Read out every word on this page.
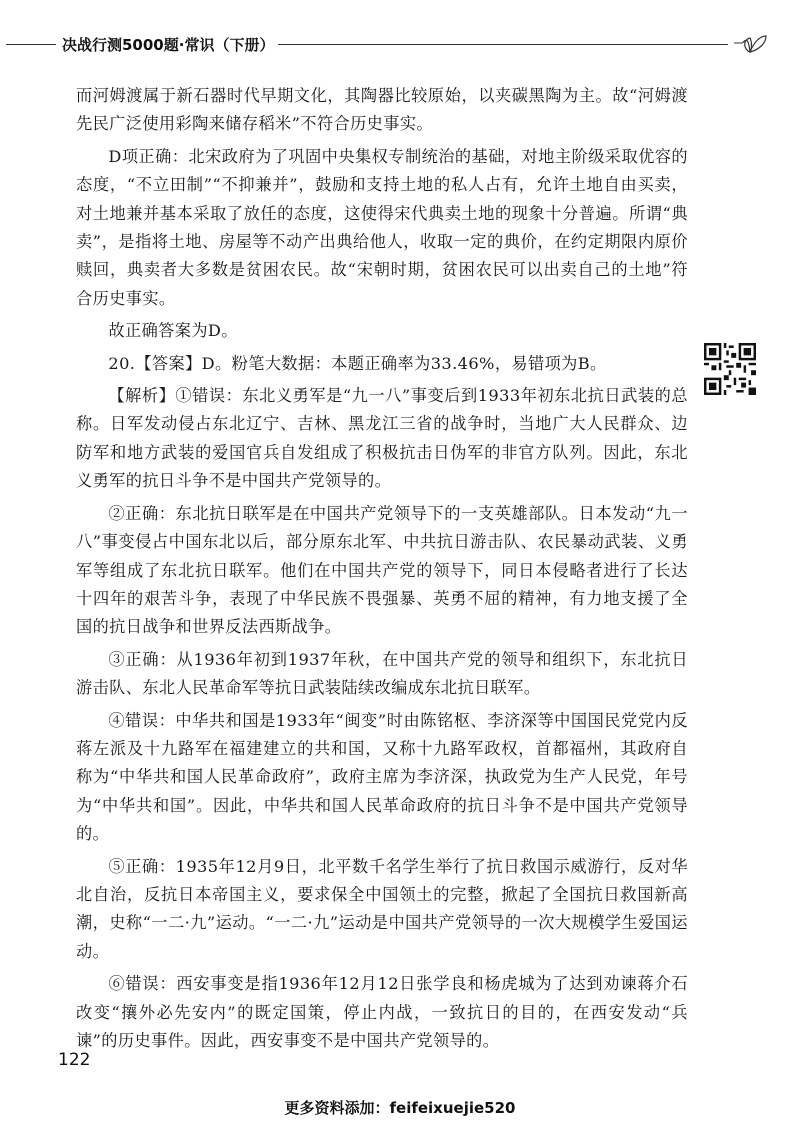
决战行测5000题·常识（下册）

而河姆渡属于新石器时代早期文化，其陶器比较原始，以夹碳黑陶为主。故“河姆渡先民广泛使用彩陶来储存稻米”不符合历史事实。

D项正确：北宋政府为了巩固中央集权专制统治的基础，对地主阶级采取优容的态度，“不立田制”“不抑兼并”，鼓励和支持土地的私人占有，允许土地自由买卖，对土地兼并基本采取了放任的态度，这使得宋代典卖土地的现象十分普遍。所谓“典卖”，是指将土地、房屋等不动产出典给他人，收取一定的典价，在约定期限内原价赎回，典卖者大多数是贫困农民。故“宋朝时期，贫困农民可以出卖自己的土地”符合历史事实。

故正确答案为D。

20.【答案】D。粉笔大数据：本题正确率为33.46%，易错项为B。

【解析】①错误：东北义勇军是“九一八”事变后到1933年初东北抗日武装的总称。日军发动侵占东北辽宁、吉林、黑龙江三省的战争时，当地广大人民群众、边防军和地方武装的爱国官兵自发组成了积极抗击日伪军的非官方队列。因此，东北义勇军的抗日斗争不是中国共产党领导的。

②正确：东北抗日联军是在中国共产党领导下的一支英雄部队。日本发动“九一八”事变侵占中国东北以后，部分原东北军、中共抗日游击队、农民暴动武装、义勇军等组成了东北抗日联军。他们在中国共产党的领导下，同日本侵略者进行了长达十四年的艰苦斗争，表现了中华民族不畏强暴、英勇不屈的精神，有力地支援了全国的抗日战争和世界反法西斯战争。

③正确：从1936年初到1937年秋，在中国共产党的领导和组织下，东北抗日游击队、东北人民革命军等抗日武装陆续改编成东北抗日联军。

④错误：中华共和国是1933年“闽变”时由陈铭枢、李济深等中国国民党党内反蒋左派及十九路军在福建建立的共和国，又称十九路军政权，首都福州，其政府自称为“中华共和国人民革命政府”，政府主席为李济深，执政党为生产人民党，年号为“中华共和国”。因此，中华共和国人民革命政府的抗日斗争不是中国共产党领导的。

⑤正确：1935年12月9日，北平数千名学生举行了抗日救国示威游行，反对华北自治，反抗日本帝国主义，要求保全中国领土的完整，掀起了全国抗日救国新高潮，史称“一二·九”运动。“一二·九”运动是中国共产党领导的一次大规模学生爱国运动。

⑥错误：西安事变是指1936年12月12日张学良和杨虎城为了达到劝谏蒋介石改变“攘外必先安内”的既定国策，停止内战，一致抗日的目的，在西安发动“兵谏”的历史事件。因此，西安事变不是中国共产党领导的。

122
更多资料添加：feifeixuejie520
